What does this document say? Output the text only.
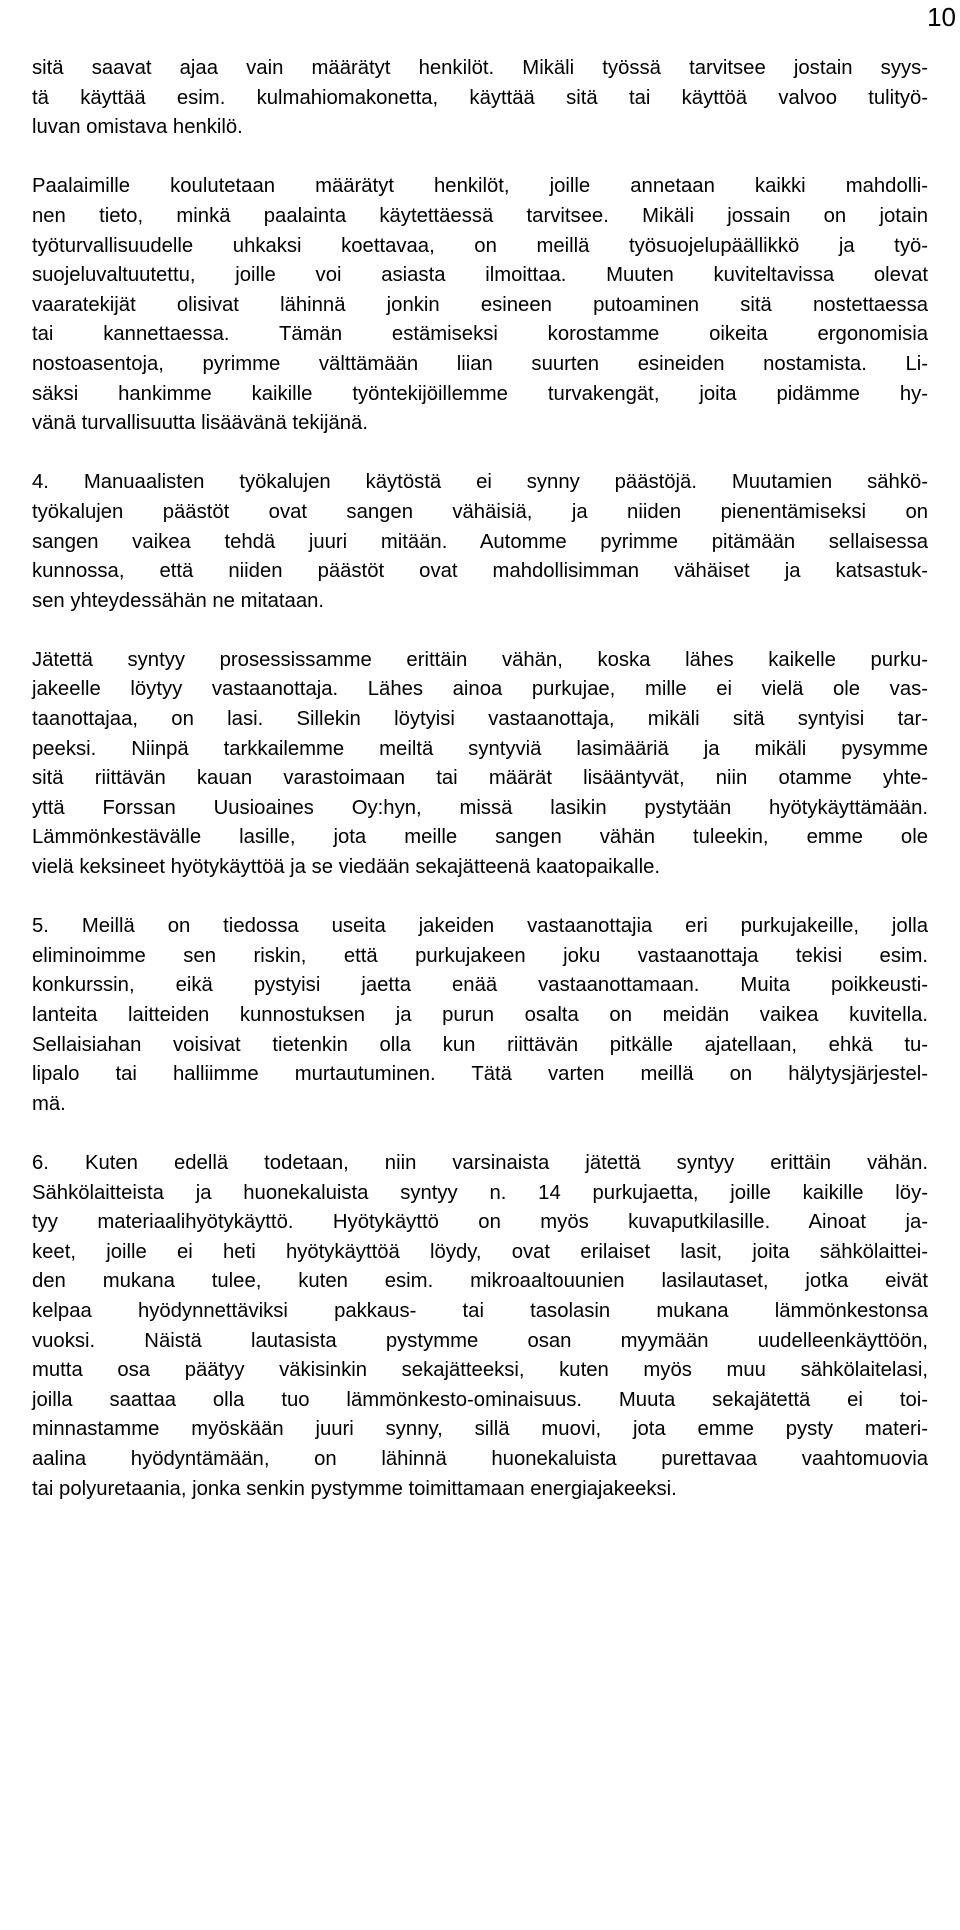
10
sitä saavat ajaa vain määrätyt henkilöt. Mikäli työssä tarvitsee jostain syys-
tä käyttää esim. kulmahiomakonetta, käyttää sitä tai käyttöä valvoo tulityö-
luvan omistava henkilö.
Paalaimille koulutetaan määrätyt henkilöt, joille annetaan kaikki mahdolli-
nen tieto, minkä paalainta käytettäessä tarvitsee. Mikäli jossain on jotain
työturvallisuudelle uhkaksi koettavaa, on meillä työsuojelupäällikkö ja työ-
suojeluvaltuutettu, joille voi asiasta ilmoittaa. Muuten kuviteltavissa olevat
vaaratekijät olisivat lähinnä jonkin esineen putoaminen sitä nostettaessa
tai kannettaessa. Tämän estämiseksi korostamme oikeita ergonomisia
nostoasentoja, pyrimme välttämään liian suurten esineiden nostamista. Li-
säksi hankimme kaikille työntekijöillemme turvakengät, joita pidämme hy-
vänä turvallisuutta lisäävänä tekijänä.
4. Manuaalisten työkalujen käytöstä ei synny päästöjä. Muutamien sähkö-
työkalujen päästöt ovat sangen vähäisiä, ja niiden pienentämiseksi on
sangen vaikea tehdä juuri mitään. Automme pyrimme pitämään sellaisessa
kunnossa, että niiden päästöt ovat mahdollisimman vähäiset ja katsastuk-
sen yhteydessähän ne mitataan.
Jätettä syntyy prosessissamme erittäin vähän, koska lähes kaikelle purku-
jakeelle löytyy vastaanottaja. Lähes ainoa purkujae, mille ei vielä ole vas-
taanottajaa, on lasi. Sillekin löytyisi vastaanottaja, mikäli sitä syntyisi tar-
peeksi. Niinpä tarkkailemme meiltä syntyviä lasimääriä ja mikäli pysymme
sitä riittävän kauan varastoimaan tai määrät lisääntyvät, niin otamme yhte-
yttä Forssan Uusioaines Oy:hyn, missä lasikin pystytään hyötykäyttämään.
Lämmönkestävälle lasille, jota meille sangen vähän tuleekin, emme ole
vielä keksineet hyötykäyttöä ja se viedään sekajätteenä kaatopaikalle.
5. Meillä on tiedossa useita jakeiden vastaanottajia eri purkujakeille, jolla
eliminoimme sen riskin, että purkujakeen joku vastaanottaja tekisi esim.
konkurssin, eikä pystyisi jaetta enää vastaanottamaan. Muita poikkeusti-
lanteita laitteiden kunnostuksen ja purun osalta on meidän vaikea kuvitella.
Sellaisiahan voisivat tietenkin olla kun riittävän pitkälle ajatellaan, ehkä tu-
lipalo tai halliimme murtautuminen. Tätä varten meillä on hälytysjärjestel-
mä.
6. Kuten edellä todetaan, niin varsinaista jätettä syntyy erittäin vähän.
Sähkölaitteista ja huonekaluista syntyy n. 14 purkujaetta, joille kaikille löy-
tyy materiaalihyötykäyttö. Hyötykäyttö on myös kuvaputkilasille. Ainoat ja-
keet, joille ei heti hyötykäyttöä löydy, ovat erilaiset lasit, joita sähkölaittei-
den mukana tulee, kuten esim. mikroaaltouunien lasilautaset, jotka eivät
kelpaa hyödynnettäviksi pakkaus- tai tasolasin mukana lämmönkestonsa
vuoksi. Näistä lautasista pystymme osan myymään uudelleenkäyttöön,
mutta osa päätyy väkisinkin sekajätteeksi, kuten myös muu sähkölaitelasi,
joilla saattaa olla tuo lämmönkesto-ominaisuus. Muuta sekajätettä ei toi-
minnastamme myöskään juuri synny, sillä muovi, jota emme pysty materi-
aalina hyödyntämään, on lähinnä huonekaluista purettavaa vaahtomuovia
tai polyuretaania, jonka senkin pystymme toimittamaan energiajakeeksi.
